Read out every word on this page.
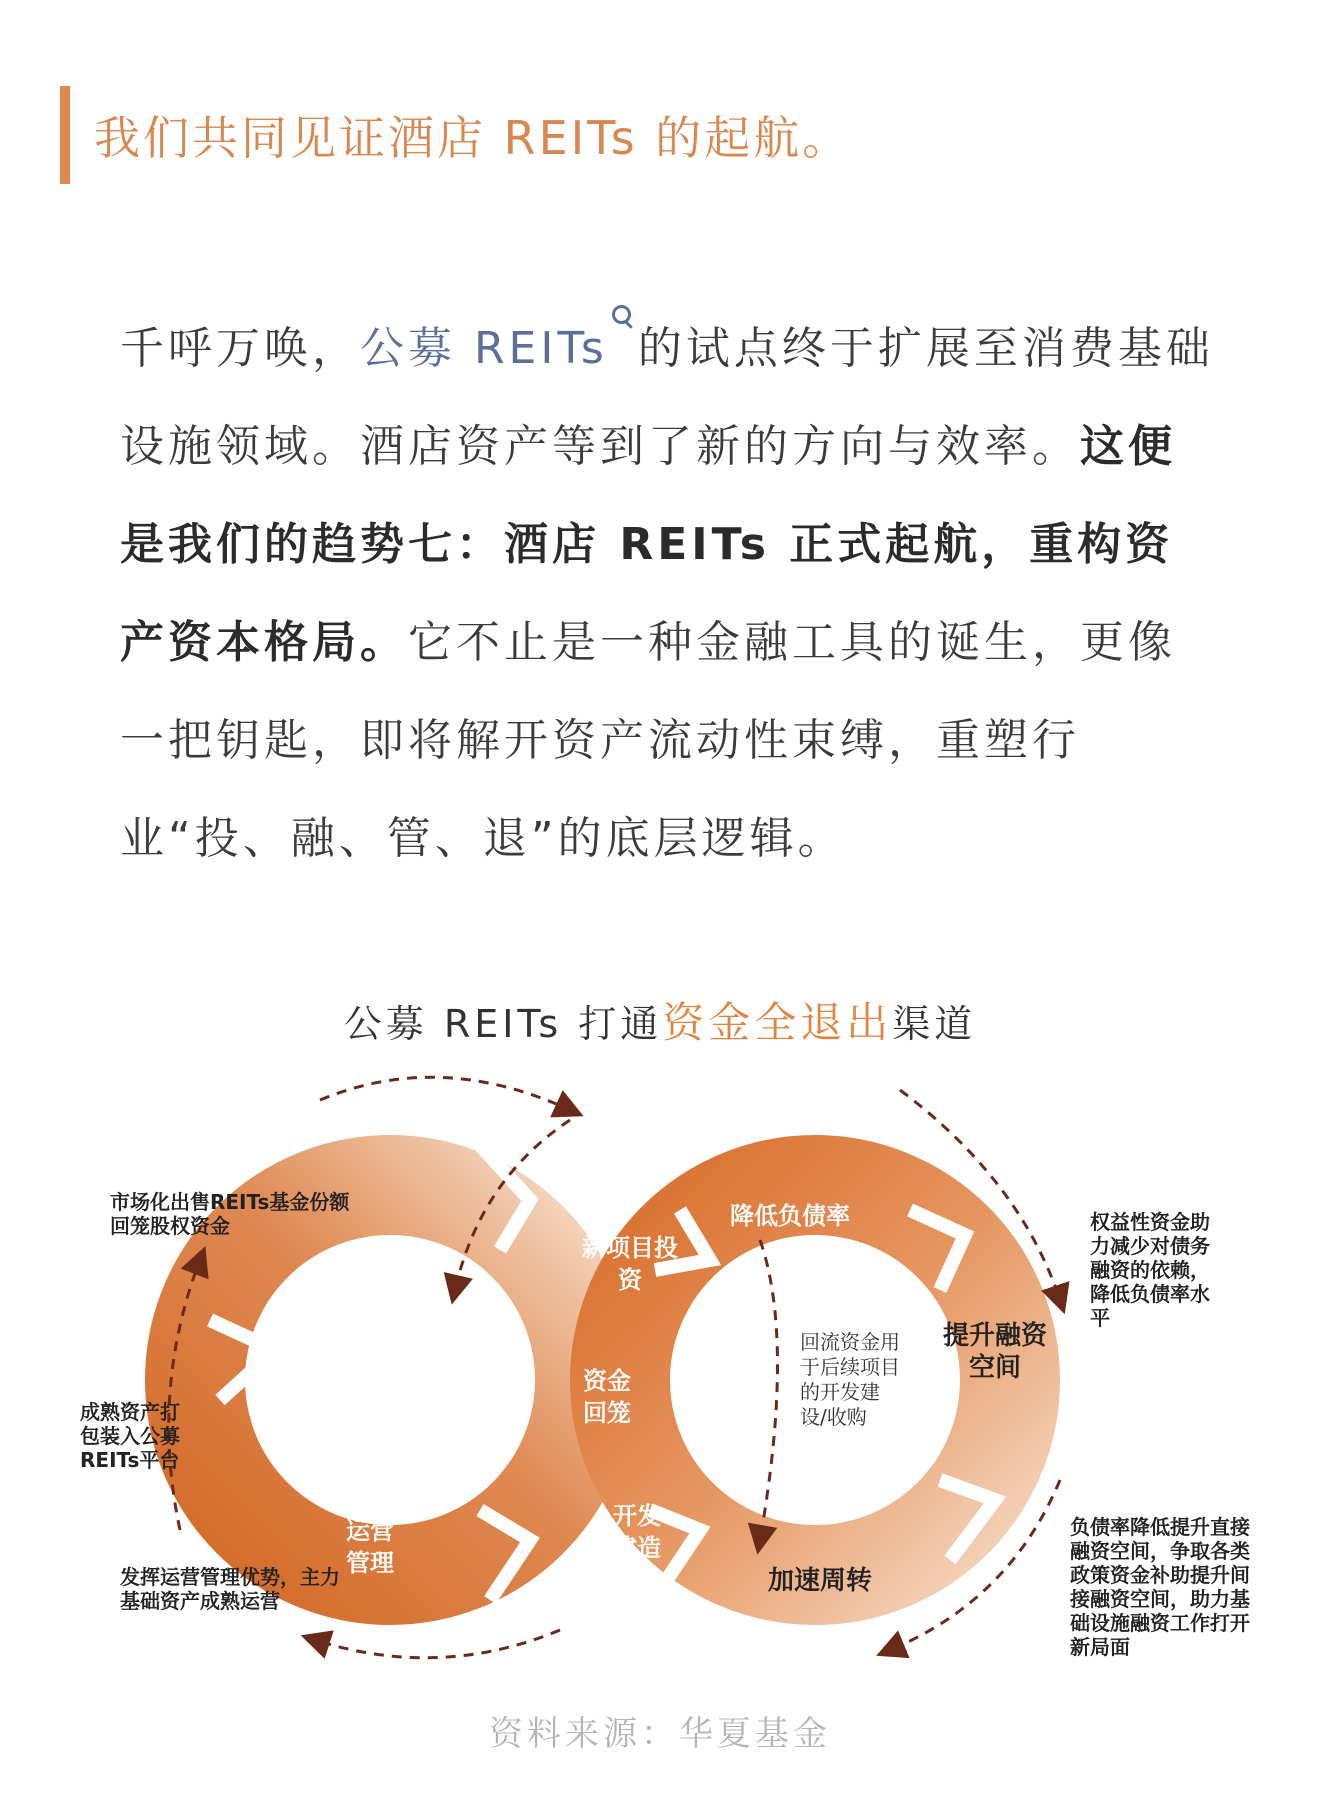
我们共同见证酒店 REITs 的起航。
千呼万唤，公募 REITs 的试点终于扩展至消费基础设施领域。酒店资产等到了新的方向与效率。这便是我们的趋势七：酒店 REITs 正式起航，重构资产资本格局。它不止是一种金融工具的诞生，更像一把钥匙，即将解开资产流动性束缚，重塑行业“投、融、管、退”的底层逻辑。
公募 REITs 打通资金全退出渠道
资金退出
运营管理
资金回笼
新项目投资
降低负债率
提升融资空间
加速周转
开发建造
回流资金用于后续项目的开发建设/收购
市场化出售REITs基金份额回笼股权资金
成熟资产打包装入公募REITs平台
发挥运营管理优势，主力基础资产成熟运营
权益性资金助力减少对债务融资的依赖，降低负债率水平
负债率降低提升直接融资空间，争取各类政策资金补助提升间接融资空间，助力基础设施融资工作打开新局面
资料来源：华夏基金
